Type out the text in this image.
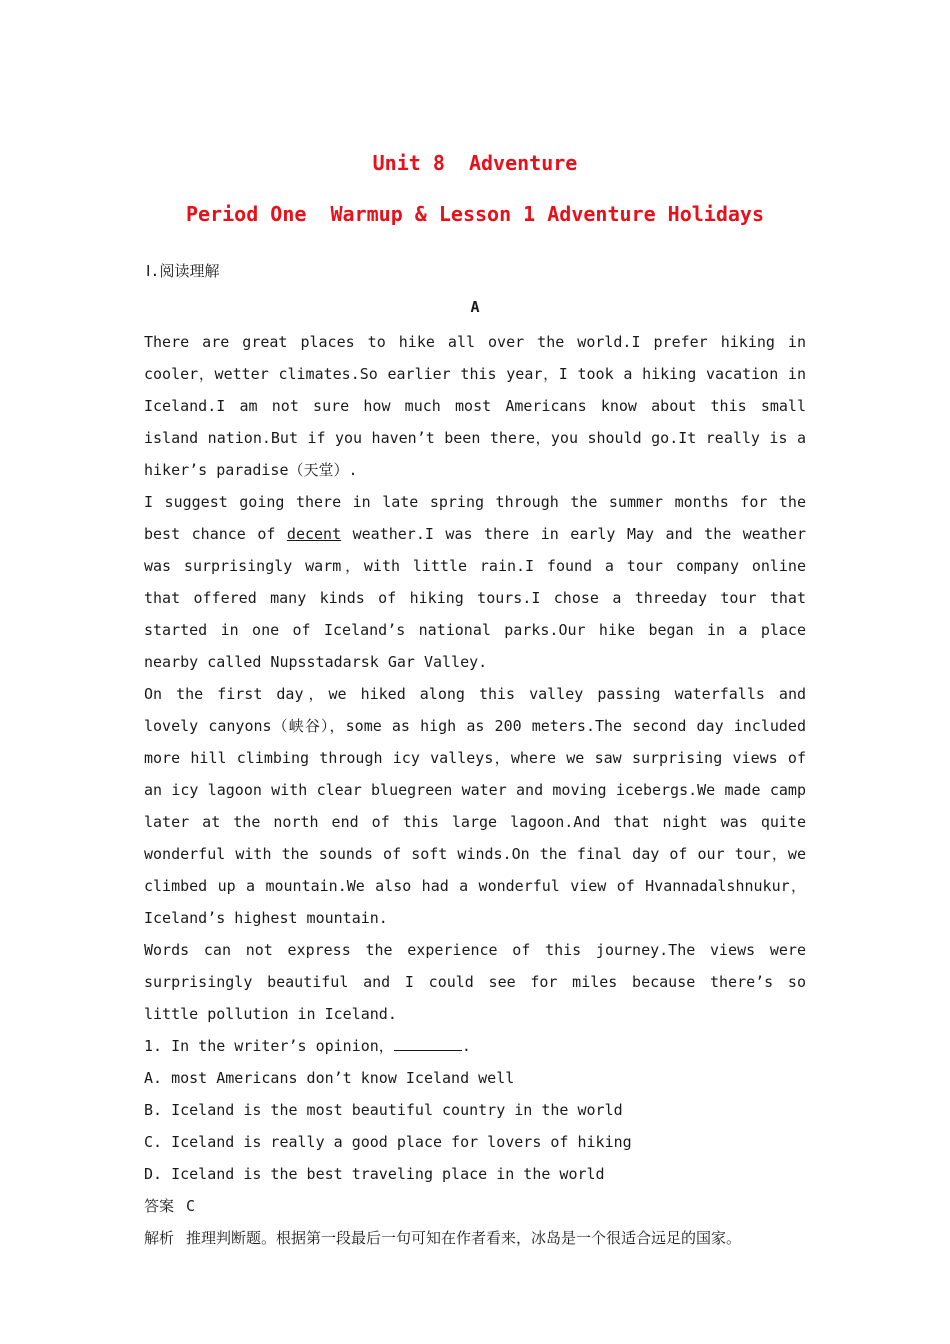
Unit 8  Adventure
Period One  Warmup & Lesson 1 Adventure Holidays
Ⅰ.阅读理解
A

There are great places to hike all over the world.I prefer hiking in cooler，wetter climates.So earlier this year，I took a hiking vacation in Iceland.I am not sure how much most Americans know about this small island nation.But if you haven’t been there，you should go.It really is a hiker’s paradise（天堂）.

I suggest going there in late spring through the summer months for the best chance of decent weather.I was there in early May and the weather was surprisingly warm，with little rain.I found a tour company online that offered many kinds of hiking tours.I chose a threeday tour that started in one of Iceland’s national parks.Our hike began in a place nearby called Nupsstadarsk Gar Valley.

On the first day，we hiked along this valley passing waterfalls and lovely canyons（峡谷），some as high as 200 meters.The second day included more hill climbing through icy valleys，where we saw surprising views of an icy lagoon with clear bluegreen water and moving icebergs.We made camp later at the north end of this large lagoon.And that night was quite wonderful with the sounds of soft winds.On the final day of our tour，we climbed up a mountain.We also had a wonderful view of Hvannadalshnukur，Iceland’s highest mountain.

Words can not express the experience of this journey.The views were surprisingly beautiful and I could see for miles because there’s so little pollution in Iceland.

1. In the writer’s opinion，	.

A. most Americans don’t know Iceland well

B. Iceland is the most beautiful country in the world

C. Iceland is really a good place for lovers of hiking

D. Iceland is the best traveling place in the world

答案 C

解析 推理判断题。根据第一段最后一句可知在作者看来，冰岛是一个很适合远足的国家。
